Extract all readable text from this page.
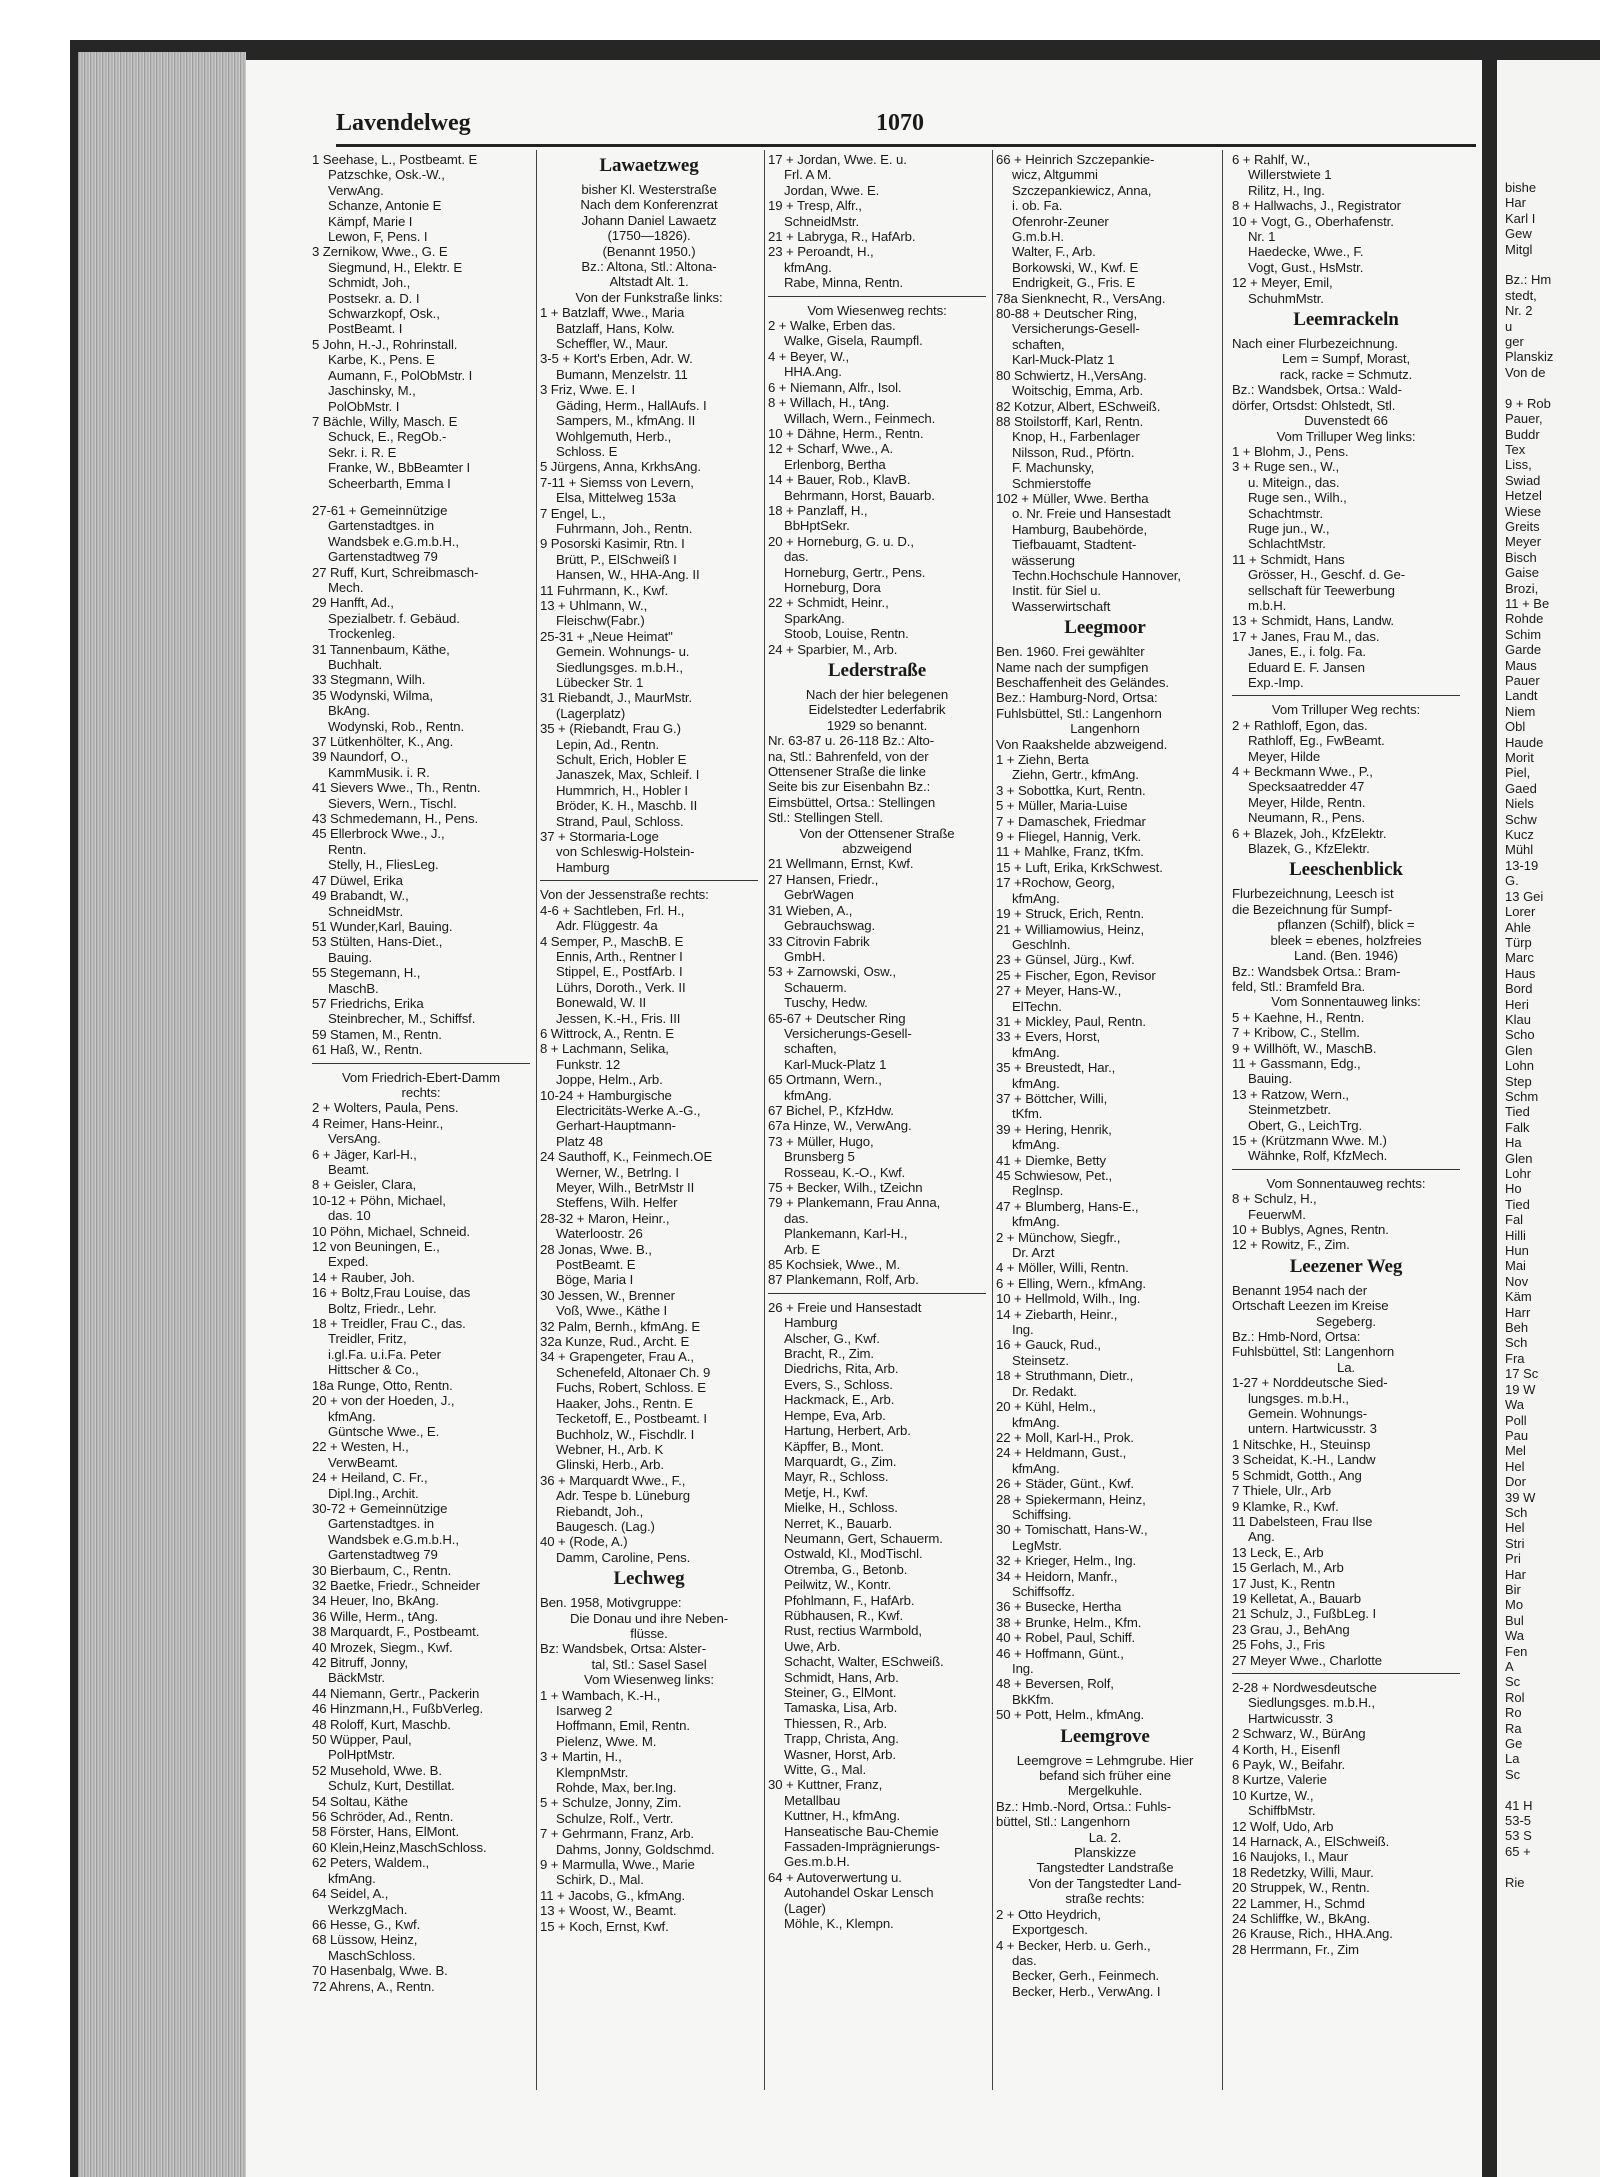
bishe
Har
Karl I
Gew
Mitgl

Bz.: Hm
stedt,
Nr. 2
u
ger
Planskiz
Von de

9 + Rob
Pauer,
Buddr
Tex
Liss,
Swiad
Hetzel
Wiese
Greits
Meyer
Bisch
Gaise
Brozi,
11 + Be
Rohde
Schim
Garde
Maus
Pauer
Landt
Niem
Obl
Haude
Morit
Piel,
Gaed
Niels
Schw
Kucz
Mühl
13-19
G.
13 Gei
Lorer
Ahle
Türp
Marc
Haus
Bord
Heri
Klau
Scho
Glen
Lohn
Step
Schm
Tied
Falk
Ha
Glen
Lohr
Ho
Tied
Fal
Hilli
Hun
Mai
Nov
Käm
Harr
Beh
Sch
Fra
17 Sc
19 W
Wa
Poll
Pau
Mel
Hel
Dor
39 W
Sch
Hel
Stri
Pri
Har
Bir
Mo
Bul
Wa
Fen
A
Sc
Rol
Ro
Ra
Ge
La
Sc

41 H
53-5
53 S
65 +

Rie
Lavendelweg	1070
1 Seehase, L., Postbeamt. E
Patzschke, Osk.-W.,
VerwAng.
Schanze, Antonie E
Kämpf, Marie I
Lewon, F, Pens. I
3 Zernikow, Wwe., G. E
Siegmund, H., Elektr. E
Schmidt, Joh.,
Postsekr. a. D. I
Schwarzkopf, Osk.,
PostBeamt. I
5 John, H.-J., Rohrinstall.
Karbe, K., Pens. E
Aumann, F., PolObMstr. I
Jaschinsky, M.,
PolObMstr. I
7 Bächle, Willy, Masch. E
Schuck, E., RegOb.-
Sekr. i. R. E
Franke, W., BbBeamter I
Scheerbarth, Emma I
27-61 + Gemeinnützige
Gartenstadtges. in
Wandsbek e.G.m.b.H.,
Gartenstadtweg 79
27 Ruff, Kurt, Schreibmasch-
Mech.
29 Hanfft, Ad.,
Spezialbetr. f. Gebäud.
Trockenleg.
31 Tannenbaum, Käthe,
Buchhalt.
33 Stegmann, Wilh.
35 Wodynski, Wilma,
BkAng.
Wodynski, Rob., Rentn.
37 Lütkenhölter, K., Ang.
39 Naundorf, O.,
KammMusik. i. R.
41 Sievers Wwe., Th., Rentn.
Sievers, Wern., Tischl.
43 Schmedemann, H., Pens.
45 Ellerbrock Wwe., J.,
Rentn.
Stelly, H., FliesLeg.
47 Düwel, Erika
49 Brabandt, W.,
SchneidMstr.
51 Wunder,Karl, Bauing.
53 Stülten, Hans-Diet.,
Bauing.
55 Stegemann, H.,
MaschB.
57 Friedrichs, Erika
Steinbrecher, M., Schiffsf.
59 Stamen, M., Rentn.
61 Haß, W., Rentn.
Vom Friedrich-Ebert-Damm
rechts:
2 + Wolters, Paula, Pens.
4 Reimer, Hans-Heinr.,
VersAng.
6 + Jäger, Karl-H.,
Beamt.
8 + Geisler, Clara,
10-12 + Pöhn, Michael,
das. 10
10 Pöhn, Michael, Schneid.
12 von Beuningen, E.,
Exped.
14 + Rauber, Joh.
16 + Boltz,Frau Louise, das
Boltz, Friedr., Lehr.
18 + Treidler, Frau C., das.
Treidler, Fritz,
i.gl.Fa. u.i.Fa. Peter
Hittscher & Co.,
18a Runge, Otto, Rentn.
20 + von der Hoeden, J.,
kfmAng.
Güntsche Wwe., E.
22 + Westen, H.,
VerwBeamt.
24 + Heiland, C. Fr.,
Dipl.Ing., Archit.
30-72 + Gemeinnützige
Gartenstadtges. in
Wandsbek e.G.m.b.H.,
Gartenstadtweg 79
30 Bierbaum, C., Rentn.
32 Baetke, Friedr., Schneider
34 Heuer, Ino, BkAng.
36 Wille, Herm., tAng.
38 Marquardt, F., Postbeamt.
40 Mrozek, Siegm., Kwf.
42 Bitruff, Jonny,
BäckMstr.
44 Niemann, Gertr., Packerin
46 Hinzmann,H., FußbVerleg.
48 Roloff, Kurt, Maschb.
50 Wüpper, Paul,
PolHptMstr.
52 Musehold, Wwe. B.
Schulz, Kurt, Destillat.
54 Soltau, Käthe
56 Schröder, Ad., Rentn.
58 Förster, Hans, ElMont.
60 Klein,Heinz,MaschSchloss.
62 Peters, Waldem.,
kfmAng.
64 Seidel, A.,
WerkzgMach.
66 Hesse, G., Kwf.
68 Lüssow, Heinz,
MaschSchloss.
70 Hasenbalg, Wwe. B.
72 Ahrens, A., Rentn.
Lawaetzweg
bisher Kl. Westerstraße
Nach dem Konferenzrat
Johann Daniel Lawaetz
(1750—1826).
(Benannt 1950.)
Bz.: Altona, Stl.: Altona-
Altstadt Alt. 1.
Von der Funkstraße links:
1 + Batzlaff, Wwe., Maria
Batzlaff, Hans, Kolw.
Scheffler, W., Maur.
3-5 + Kort's Erben, Adr. W.
Bumann, Menzelstr. 11
3 Friz, Wwe. E. I
Gäding, Herm., HallAufs. I
Sampers, M., kfmAng. II
Wohlgemuth, Herb.,
Schloss. E
5 Jürgens, Anna, KrkhsAng.
7-11 + Siemss von Levern,
Elsa, Mittelweg 153a
7 Engel, L.,
Fuhrmann, Joh., Rentn.
9 Posorski Kasimir, Rtn. I
Brütt, P., ElSchweiß I
Hansen, W., HHA-Ang. II
11 Fuhrmann, K., Kwf.
13 + Uhlmann, W.,
Fleischw(Fabr.)
25-31 + „Neue Heimat"
Gemein. Wohnungs- u.
Siedlungsges. m.b.H.,
Lübecker Str. 1
31 Riebandt, J., MaurMstr.
(Lagerplatz)
35 + (Riebandt, Frau G.)
Lepin, Ad., Rentn.
Schult, Erich, Hobler E
Janaszek, Max, Schleif. I
Hummrich, H., Hobler I
Bröder, K. H., Maschb. II
Strand, Paul, Schloss.
37 + Stormaria-Loge
von Schleswig-Holstein-
Hamburg
Von der Jessenstraße rechts:
4-6 + Sachtleben, Frl. H.,
Adr. Flüggestr. 4a
4 Semper, P., MaschB. E
Ennis, Arth., Rentner I
Stippel, E., PostfArb. I
Lührs, Doroth., Verk. II
Bonewald, W. II
Jessen, K.-H., Fris. III
6 Wittrock, A., Rentn. E
8 + Lachmann, Selika,
Funkstr. 12
Joppe, Helm., Arb.
10-24 + Hamburgische
Electricitäts-Werke A.-G.,
Gerhart-Hauptmann-
Platz 48
24 Sauthoff, K., Feinmech.OE
Werner, W., Betrlng. I
Meyer, Wilh., BetrMstr II
Steffens, Wilh. Helfer
28-32 + Maron, Heinr.,
Waterloostr. 26
28 Jonas, Wwe. B.,
PostBeamt. E
Böge, Maria I
30 Jessen, W., Brenner
Voß, Wwe., Käthe I
32 Palm, Bernh., kfmAng. E
32a Kunze, Rud., Archt. E
34 + Grapengeter, Frau A.,
Schenefeld, Altonaer Ch. 9
Fuchs, Robert, Schloss. E
Haaker, Johs., Rentn. E
Tecketoff, E., Postbeamt. I
Buchholz, W., Fischdlr. I
Webner, H., Arb. K
Glinski, Herb., Arb.
36 + Marquardt Wwe., F.,
Adr. Tespe b. Lüneburg
Riebandt, Joh.,
Baugesch. (Lag.)
40 + (Rode, A.)
Damm, Caroline, Pens.
Lechweg
Ben. 1958, Motivgruppe:
Die Donau und ihre Neben-
flüsse.
Bz: Wandsbek, Ortsa: Alster-
tal, Stl.: Sasel Sasel
Vom Wiesenweg links:
1 + Wambach, K.-H.,
Isarweg 2
Hoffmann, Emil, Rentn.
Pielenz, Wwe. M.
3 + Martin, H.,
KlempnMstr.
Rohde, Max, ber.Ing.
5 + Schulze, Jonny, Zim.
Schulze, Rolf., Vertr.
7 + Gehrmann, Franz, Arb.
Dahms, Jonny, Goldschmd.
9 + Marmulla, Wwe., Marie
Schirk, D., Mal.
11 + Jacobs, G., kfmAng.
13 + Woost, W., Beamt.
15 + Koch, Ernst, Kwf.
17 + Jordan, Wwe. E. u.
Frl. A M.
Jordan, Wwe. E.
19 + Tresp, Alfr.,
SchneidMstr.
21 + Labryga, R., HafArb.
23 + Peroandt, H.,
kfmAng.
Rabe, Minna, Rentn.
Vom Wiesenweg rechts:
2 + Walke, Erben das.
Walke, Gisela, Raumpfl.
4 + Beyer, W.,
HHA.Ang.
6 + Niemann, Alfr., Isol.
8 + Willach, H., tAng.
Willach, Wern., Feinmech.
10 + Dähne, Herm., Rentn.
12 + Scharf, Wwe., A.
Erlenborg, Bertha
14 + Bauer, Rob., KlavB.
Behrmann, Horst, Bauarb.
18 + Panzlaff, H.,
BbHptSekr.
20 + Horneburg, G. u. D.,
das.
Horneburg, Gertr., Pens.
Horneburg, Dora
22 + Schmidt, Heinr.,
SparkAng.
Stoob, Louise, Rentn.
24 + Sparbier, M., Arb.
Lederstraße
Nach der hier belegenen
Eidelstedter Lederfabrik
1929 so benannt.
Nr. 63-87 u. 26-118 Bz.: Alto-
na, Stl.: Bahrenfeld, von der
Ottensener Straße die linke
Seite bis zur Eisenbahn Bz.:
Eimsbüttel, Ortsa.: Stellingen
Stl.: Stellingen Stell.
Von der Ottensener Straße
abzweigend
21 Wellmann, Ernst, Kwf.
27 Hansen, Friedr.,
GebrWagen
31 Wieben, A.,
Gebrauchswag.
33 Citrovin Fabrik
GmbH.
53 + Zarnowski, Osw.,
Schauerm.
Tuschy, Hedw.
65-67 + Deutscher Ring
Versicherungs-Gesell-
schaften,
Karl-Muck-Platz 1
65 Ortmann, Wern.,
kfmAng.
67 Bichel, P., KfzHdw.
67a Hinze, W., VerwAng.
73 + Müller, Hugo,
Brunsberg 5
Rosseau, K.-O., Kwf.
75 + Becker, Wilh., tZeichn
79 + Plankemann, Frau Anna,
das.
Plankemann, Karl-H.,
Arb. E
85 Kochsiek, Wwe., M.
87 Plankemann, Rolf, Arb.
26 + Freie und Hansestadt
Hamburg
Alscher, G., Kwf.
Bracht, R., Zim.
Diedrichs, Rita, Arb.
Evers, S., Schloss.
Hackmack, E., Arb.
Hempe, Eva, Arb.
Hartung, Herbert, Arb.
Käpffer, B., Mont.
Marquardt, G., Zim.
Mayr, R., Schloss.
Metje, H., Kwf.
Mielke, H., Schloss.
Nerret, K., Bauarb.
Neumann, Gert, Schauerm.
Ostwald, Kl., ModTischl.
Otremba, G., Betonb.
Peilwitz, W., Kontr.
Pfohlmann, F., HafArb.
Rübhausen, R., Kwf.
Rust, rectius Warmbold,
Uwe, Arb.
Schacht, Walter, ESchweiß.
Schmidt, Hans, Arb.
Steiner, G., ElMont.
Tamaska, Lisa, Arb.
Thiessen, R., Arb.
Trapp, Christa, Ang.
Wasner, Horst, Arb.
Witte, G., Mal.
30 + Kuttner, Franz,
Metallbau
Kuttner, H., kfmAng.
Hanseatische Bau-Chemie
Fassaden-Imprägnierungs-
Ges.m.b.H.
64 + Autoverwertung u.
Autohandel Oskar Lensch
(Lager)
Möhle, K., Klempn.
66 + Heinrich Szczepankie-
wicz, Altgummi
Szczepankiewicz, Anna,
i. ob. Fa.
Ofenrohr-Zeuner
G.m.b.H.
Walter, F., Arb.
Borkowski, W., Kwf. E
Endrigkeit, G., Fris. E
78a Sienknecht, R., VersAng.
80-88 + Deutscher Ring,
Versicherungs-Gesell-
schaften,
Karl-Muck-Platz 1
80 Schwiertz, H.,VersAng.
Woitschig, Emma, Arb.
82 Kotzur, Albert, ESchweiß.
88 Stoilstorff, Karl, Rentn.
Knop, H., Farbenlager
Nilsson, Rud., Pförtn.
F. Machunsky,
Schmierstoffe
102 + Müller, Wwe. Bertha
o. Nr. Freie und Hansestadt
Hamburg, Baubehörde,
Tiefbauamt, Stadtent-
wässerung
Techn.Hochschule Hannover,
Instit. für Siel u.
Wasserwirtschaft
Leegmoor
Ben. 1960. Frei gewählter
Name nach der sumpfigen
Beschaffenheit des Geländes.
Bez.: Hamburg-Nord, Ortsa:
Fuhlsbüttel, Stl.: Langenhorn
Langenhorn
Von Raakshelde abzweigend.
1 + Ziehn, Berta
Ziehn, Gertr., kfmAng.
3 + Sobottka, Kurt, Rentn.
5 + Müller, Maria-Luise
7 + Damaschek, Friedmar
9 + Fliegel, Hannig, Verk.
11 + Mahlke, Franz, tKfm.
15 + Luft, Erika, KrkSchwest.
17 +Rochow, Georg,
kfmAng.
19 + Struck, Erich, Rentn.
21 + Williamowius, Heinz,
Geschlnh.
23 + Günsel, Jürg., Kwf.
25 + Fischer, Egon, Revisor
27 + Meyer, Hans-W.,
ElTechn.
31 + Mickley, Paul, Rentn.
33 + Evers, Horst,
kfmAng.
35 + Breustedt, Har.,
kfmAng.
37 + Böttcher, Willi,
tKfm.
39 + Hering, Henrik,
kfmAng.
41 + Diemke, Betty
45 Schwiesow, Pet.,
Reglnsp.
47 + Blumberg, Hans-E.,
kfmAng.
2 + Münchow, Siegfr.,
Dr. Arzt
4 + Möller, Willi, Rentn.
6 + Elling, Wern., kfmAng.
10 + Hellmold, Wilh., Ing.
14 + Ziebarth, Heinr.,
Ing.
16 + Gauck, Rud.,
Steinsetz.
18 + Struthmann, Dietr.,
Dr. Redakt.
20 + Kühl, Helm.,
kfmAng.
22 + Moll, Karl-H., Prok.
24 + Heldmann, Gust.,
kfmAng.
26 + Städer, Günt., Kwf.
28 + Spiekermann, Heinz,
Schiffsing.
30 + Tomischatt, Hans-W.,
LegMstr.
32 + Krieger, Helm., Ing.
34 + Heidorn, Manfr.,
Schiffsoffz.
36 + Busecke, Hertha
38 + Brunke, Helm., Kfm.
40 + Robel, Paul, Schiff.
46 + Hoffmann, Günt.,
Ing.
48 + Beversen, Rolf,
BkKfm.
50 + Pott, Helm., kfmAng.
Leemgrove
Leemgrove = Lehmgrube. Hier
befand sich früher eine
Mergelkuhle.
Bz.: Hmb.-Nord, Ortsa.: Fuhls-
büttel, Stl.: Langenhorn
La. 2.
Planskizze
Tangstedter Landstraße
Von der Tangstedter Land-
straße rechts:
2 + Otto Heydrich,
Exportgesch.
4 + Becker, Herb. u. Gerh.,
das.
Becker, Gerh., Feinmech.
Becker, Herb., VerwAng. I
6 + Rahlf, W.,
Willerstwiete 1
Rilitz, H., Ing.
8 + Hallwachs, J., Registrator
10 + Vogt, G., Oberhafenstr.
Nr. 1
Haedecke, Wwe., F.
Vogt, Gust., HsMstr.
12 + Meyer, Emil,
SchuhmMstr.
Leemrackeln
Nach einer Flurbezeichnung.
Lem = Sumpf, Morast,
rack, racke = Schmutz.
Bz.: Wandsbek, Ortsa.: Wald-
dörfer, Ortsdst: Ohlstedt, Stl.
Duvenstedt 66
Vom Trilluper Weg links:
1 + Blohm, J., Pens.
3 + Ruge sen., W.,
u. Miteign., das.
Ruge sen., Wilh.,
Schachtmstr.
Ruge jun., W.,
SchlachtMstr.
11 + Schmidt, Hans
Grösser, H., Geschf. d. Ge-
sellschaft für Teewerbung
m.b.H.
13 + Schmidt, Hans, Landw.
17 + Janes, Frau M., das.
Janes, E., i. folg. Fa.
Eduard E. F. Jansen
Exp.-Imp.
Vom Trilluper Weg rechts:
2 + Rathloff, Egon, das.
Rathloff, Eg., FwBeamt.
Meyer, Hilde
4 + Beckmann Wwe., P.,
Specksaatredder 47
Meyer, Hilde, Rentn.
Neumann, R., Pens.
6 + Blazek, Joh., KfzElektr.
Blazek, G., KfzElektr.
Leeschenblick
Flurbezeichnung, Leesch ist
die Bezeichnung für Sumpf-
pflanzen (Schilf), blick =
bleek = ebenes, holzfreies
Land. (Ben. 1946)
Bz.: Wandsbek Ortsa.: Bram-
feld, Stl.: Bramfeld Bra.
Vom Sonnentauweg links:
5 + Kaehne, H., Rentn.
7 + Kribow, C., Stellm.
9 + Willhöft, W., MaschB.
11 + Gassmann, Edg.,
Bauing.
13 + Ratzow, Wern.,
Steinmetzbetr.
Obert, G., LeichTrg.
15 + (Krützmann Wwe. M.)
Wähnke, Rolf, KfzMech.
Vom Sonnentauweg rechts:
8 + Schulz, H.,
FeuerwM.
10 + Bublys, Agnes, Rentn.
12 + Rowitz, F., Zim.
Leezener Weg
Benannt 1954 nach der
Ortschaft Leezen im Kreise
Segeberg.
Bz.: Hmb-Nord, Ortsa:
Fuhlsbüttel, Stl: Langenhorn
La.
1-27 + Norddeutsche Sied-
lungsges. m.b.H.,
Gemein. Wohnungs-
untern. Hartwicusstr. 3
1 Nitschke, H., Steuinsp
3 Scheidat, K.-H., Landw
5 Schmidt, Gotth., Ang
7 Thiele, Ulr., Arb
9 Klamke, R., Kwf.
11 Dabelsteen, Frau Ilse
Ang.
13 Leck, E., Arb
15 Gerlach, M., Arb
17 Just, K., Rentn
19 Kelletat, A., Bauarb
21 Schulz, J., FußbLeg. I
23 Grau, J., BehAng
25 Fohs, J., Fris
27 Meyer Wwe., Charlotte
2-28 + Nordwesdeutsche
Siedlungsges. m.b.H.,
Hartwicusstr. 3
2 Schwarz, W., BürAng
4 Korth, H., Eisenfl
6 Payk, W., Beifahr.
8 Kurtze, Valerie
10 Kurtze, W.,
SchiffbMstr.
12 Wolf, Udo, Arb
14 Harnack, A., ElSchweiß.
16 Naujoks, I., Maur
18 Redetzky, Willi, Maur.
20 Struppek, W., Rentn.
22 Lammer, H., Schmd
24 Schliffke, W., BkAng.
26 Krause, Rich., HHA.Ang.
28 Herrmann, Fr., Zim
